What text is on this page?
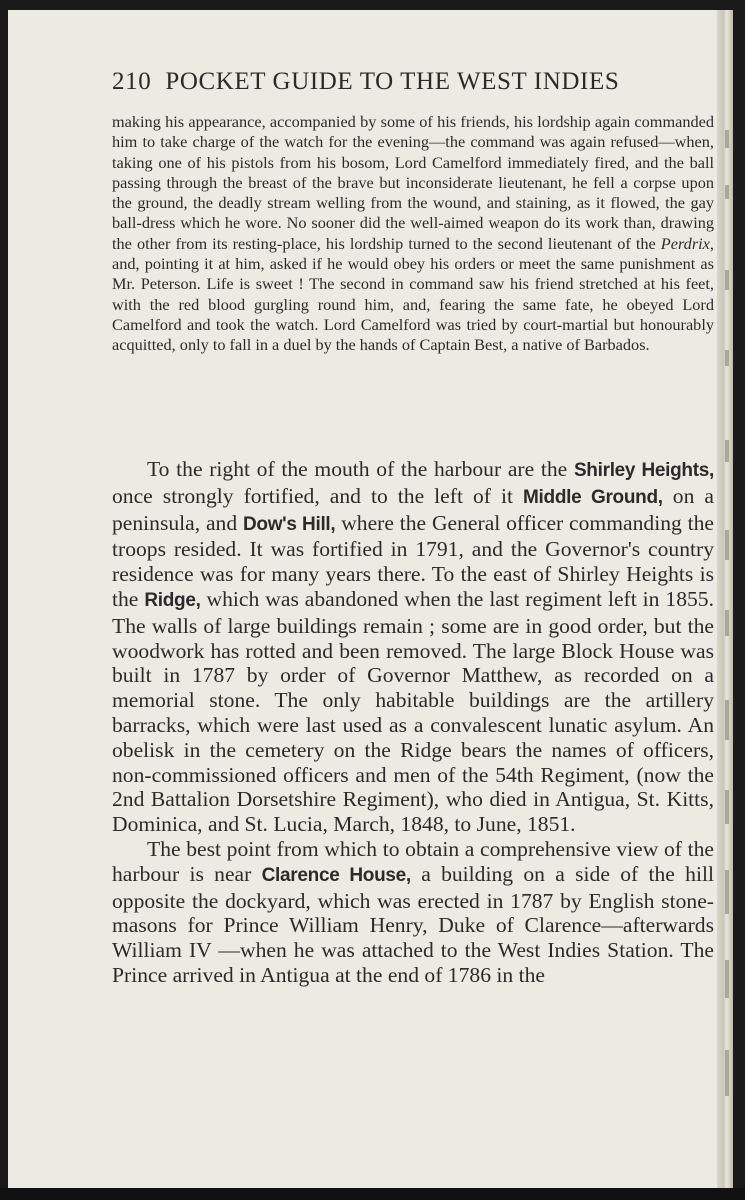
210 POCKET GUIDE TO THE WEST INDIES
making his appearance, accompanied by some of his friends, his lordship again commanded him to take charge of the watch for the evening—the command was again refused—when, taking one of his pistols from his bosom, Lord Camelford immediately fired, and the ball passing through the breast of the brave but inconsiderate lieutenant, he fell a corpse upon the ground, the deadly stream welling from the wound, and staining, as it flowed, the gay ball-dress which he wore. No sooner did the well-aimed weapon do its work than, drawing the other from its resting-place, his lordship turned to the second lieutenant of the Perdrix, and, pointing it at him, asked if he would obey his orders or meet the same punishment as Mr. Peterson. Life is sweet ! The second in command saw his friend stretched at his feet, with the red blood gurgling round him, and, fearing the same fate, he obeyed Lord Camelford and took the watch. Lord Camelford was tried by court-martial but honourably acquitted, only to fall in a duel by the hands of Captain Best, a native of Barbados.

To the right of the mouth of the harbour are the Shirley Heights, once strongly fortified, and to the left of it Middle Ground, on a peninsula, and Dow's Hill, where the General officer commanding the troops resided. It was fortified in 1791, and the Governor's country residence was for many years there. To the east of Shirley Heights is the Ridge, which was abandoned when the last regiment left in 1855. The walls of large buildings remain ; some are in good order, but the woodwork has rotted and been removed. The large Block House was built in 1787 by order of Governor Matthew, as recorded on a memorial stone. The only habitable buildings are the artillery barracks, which were last used as a convalescent lunatic asylum. An obelisk in the cemetery on the Ridge bears the names of officers, non-commissioned officers and men of the 54th Regiment, (now the 2nd Battalion Dorsetshire Regiment), who died in Antigua, St. Kitts, Dominica, and St. Lucia, March, 1848, to June, 1851.

The best point from which to obtain a comprehensive view of the harbour is near Clarence House, a building on a side of the hill opposite the dockyard, which was erected in 1787 by English stone-masons for Prince William Henry, Duke of Clarence—afterwards William IV —when he was attached to the West Indies Station. The Prince arrived in Antigua at the end of 1786 in the
